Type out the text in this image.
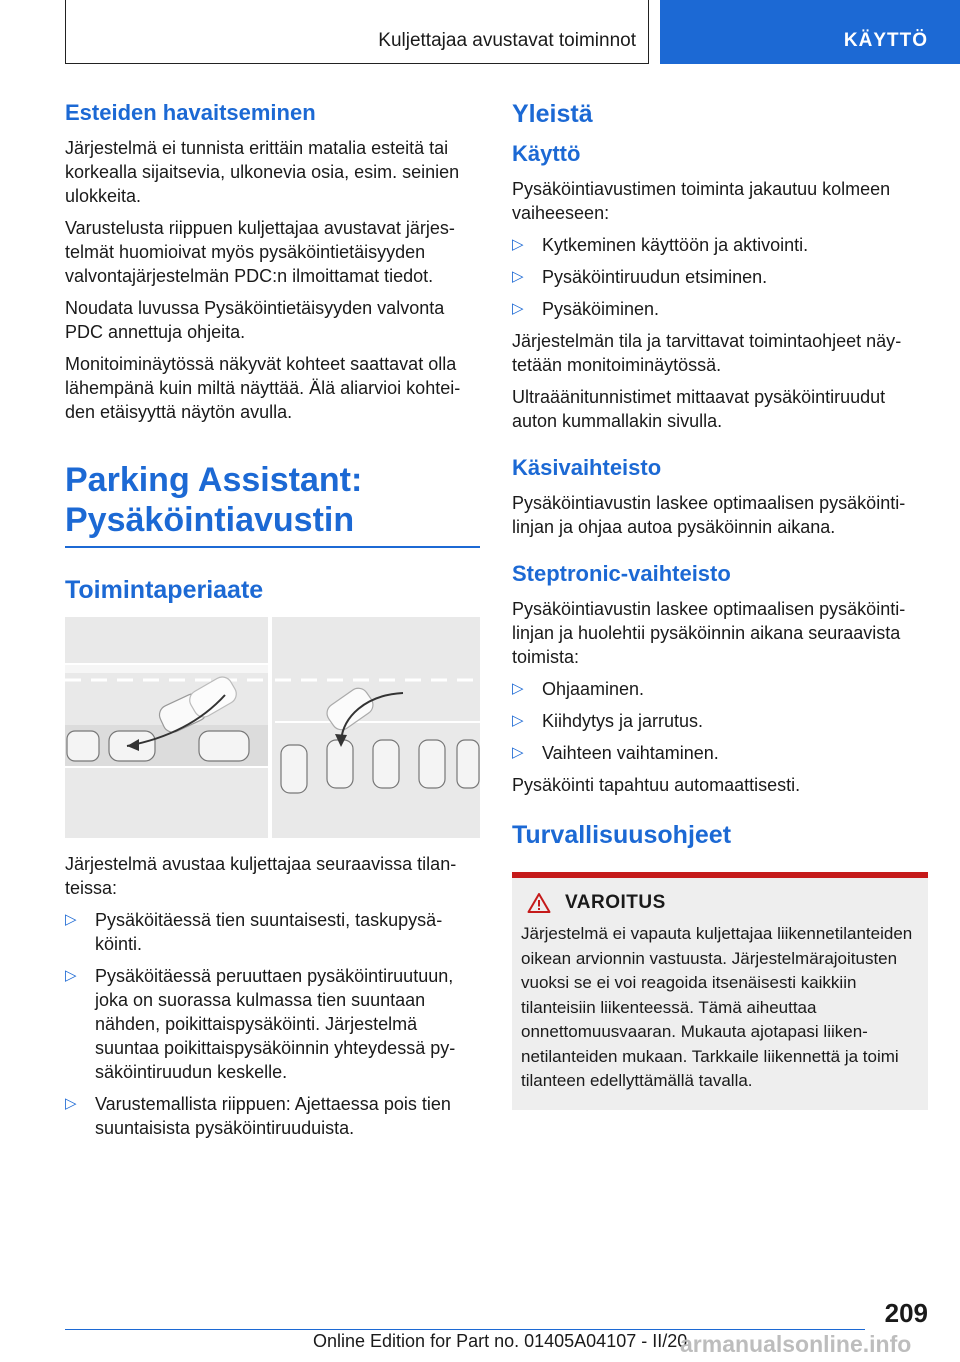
Kuljettajaa avustavat toiminnot	KÄYTTÖ
Esteiden havaitseminen

Järjestelmä ei tunnista erittäin matalia esteitä tai korkealla sijaitsevia, ulkonevia osia, esim. seinien ulokkeita.

Varustelusta riippuen kuljettajaa avustavat järjestelmät huomioivat myös pysäköintietäisyyden valvontajärjestelmän PDC:n ilmoittamat tiedot.

Noudata luvussa Pysäköintietäisyyden valvonta PDC annettuja ohjeita.

Monitoiminäytössä näkyvät kohteet saattavat olla lähempänä kuin miltä näyttää. Älä aliarvioi kohteiden etäisyyttä näytön avulla.

Parking Assistant:
Pysäköintiavustin
Toimintaperiaate

Järjestelmä avustaa kuljettajaa seuraavissa tilanteissa:

▷ Pysäköitäessä tien suuntaisesti, taskupysäköinti.
▷ Pysäköitäessä peruuttaen pysäköintiruutuun, joka on suorassa kulmassa tien suuntaan nähden, poikittaispysäköinti. Järjestelmä suuntaa poikittaispysäköinnin yhteydessä pysäköintiruudun keskelle.
▷ Varustemallista riippuen: Ajettaessa pois tien suuntaisista pysäköintiruuduista.
Yleistä
Käyttö

Pysäköintiavustimen toiminta jakautuu kolmeen vaiheeseen:

▷ Kytkeminen käyttöön ja aktivointi.
▷ Pysäköintiruudun etsiminen.
▷ Pysäköiminen.

Järjestelmän tila ja tarvittavat toimintaohjeet näytetään monitoiminäytössä.

Ultraäänitunnistimet mittaavat pysäköintiruudut auton kummallakin sivulla.

Käsivaihteisto

Pysäköintiavustin laskee optimaalisen pysäköintilinjan ja ohjaa autoa pysäköinnin aikana.

Steptronic-vaihteisto

Pysäköintiavustin laskee optimaalisen pysäköintilinjan ja huolehtii pysäköinnin aikana seuraavista toimista:

▷ Ohjaaminen.
▷ Kiihdytys ja jarrutus.
▷ Vaihteen vaihtaminen.

Pysäköinti tapahtuu automaattisesti.

Turvallisuusohjeet
VAROITUS

Järjestelmä ei vapauta kuljettajaa liikennetilanteiden oikean arvionnin vastuusta. Järjestelmärajoitusten vuoksi se ei voi reagoida itsenäisesti kaikkiin tilanteisiin liikenteessä. Tämä aiheuttaa onnettomuusvaaran. Mukauta ajotapasi liikennetilanteiden mukaan. Tarkkaile liikennettä ja toimi tilanteen edellyttämällä tavalla.

209
Online Edition for Part no. 01405A04107 - II/20
armanualsonline.info
